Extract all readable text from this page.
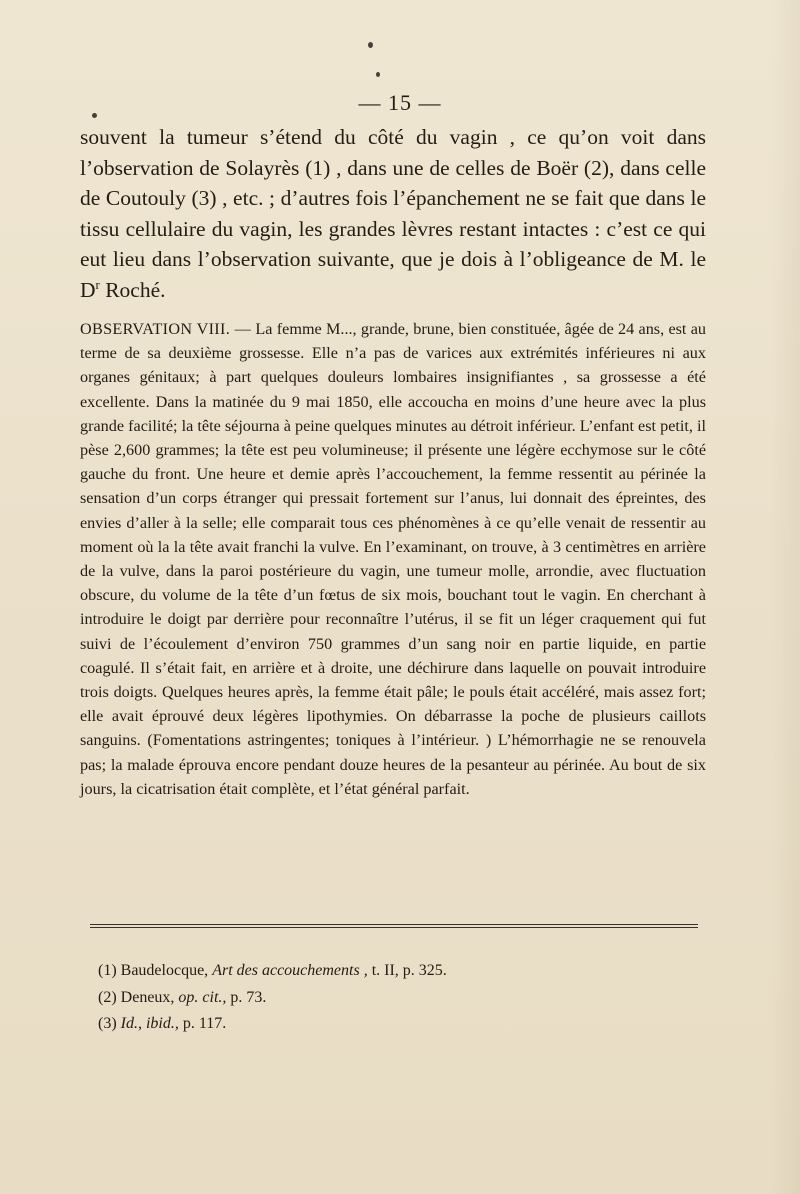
— 15 —

souvent la tumeur s’étend du côté du vagin , ce qu’on voit dans l’observation de Solayrès (1) , dans une de celles de Boër (2), dans celle de Coutouly (3) , etc. ; d’autres fois l’épanchement ne se fait que dans le tissu cellulaire du vagin, les grandes lèvres restant intactes : c’est ce qui eut lieu dans l’observation suivante, que je dois à l’obligeance de M. le $D^r$ Roché.

OBSERVATION VIII. — La femme M..., grande, brune, bien constituée, âgée de 24 ans, est au terme de sa deuxième grossesse. Elle n’a pas de varices aux extrémités inférieures ni aux organes génitaux; à part quelques douleurs lombaires insignifiantes , sa grossesse a été excellente. Dans la matinée du 9 mai 1850, elle accoucha en moins d’une heure avec la plus grande facilité; la tête séjourna à peine quelques minutes au détroit inférieur. L’enfant est petit, il pèse 2,600 grammes; la tête est peu volumineuse; il présente une légère ecchymose sur le côté gauche du front. Une heure et demie après l’accouchement, la femme ressentit au périnée la sensation d’un corps étranger qui pressait fortement sur l’anus, lui donnait des épreintes, des envies d’aller à la selle; elle comparait tous ces phénomènes à ce qu’elle venait de ressentir au moment où la la tête avait franchi la vulve. En l’examinant, on trouve, à 3 centimètres en arrière de la vulve, dans la paroi postérieure du vagin, une tumeur molle, arrondie, avec fluctuation obscure, du volume de la tête d’un fœtus de six mois, bouchant tout le vagin. En cherchant à introduire le doigt par derrière pour reconnaître l’utérus, il se fit un léger craquement qui fut suivi de l’écoulement d’environ 750 grammes d’un sang noir en partie liquide, en partie coagulé. Il s’était fait, en arrière et à droite, une déchirure dans laquelle on pouvait introduire trois doigts. Quelques heures après, la femme était pâle; le pouls était accéléré, mais assez fort; elle avait éprouvé deux légères lipothymies. On débarrasse la poche de plusieurs caillots sanguins. (Fomentations astringentes; toniques à l’intérieur. ) L’hémorrhagie ne se renouvela pas; la malade éprouva encore pendant douze heures de la pesanteur au périnée. Au bout de six jours, la cicatrisation était complète, et l’état général parfait.

(1) Baudelocque, Art des accouchements , t. II, p. 325.
(2) Deneux, op. cit., p. 73.
(3) Id., ibid., p. 117.
